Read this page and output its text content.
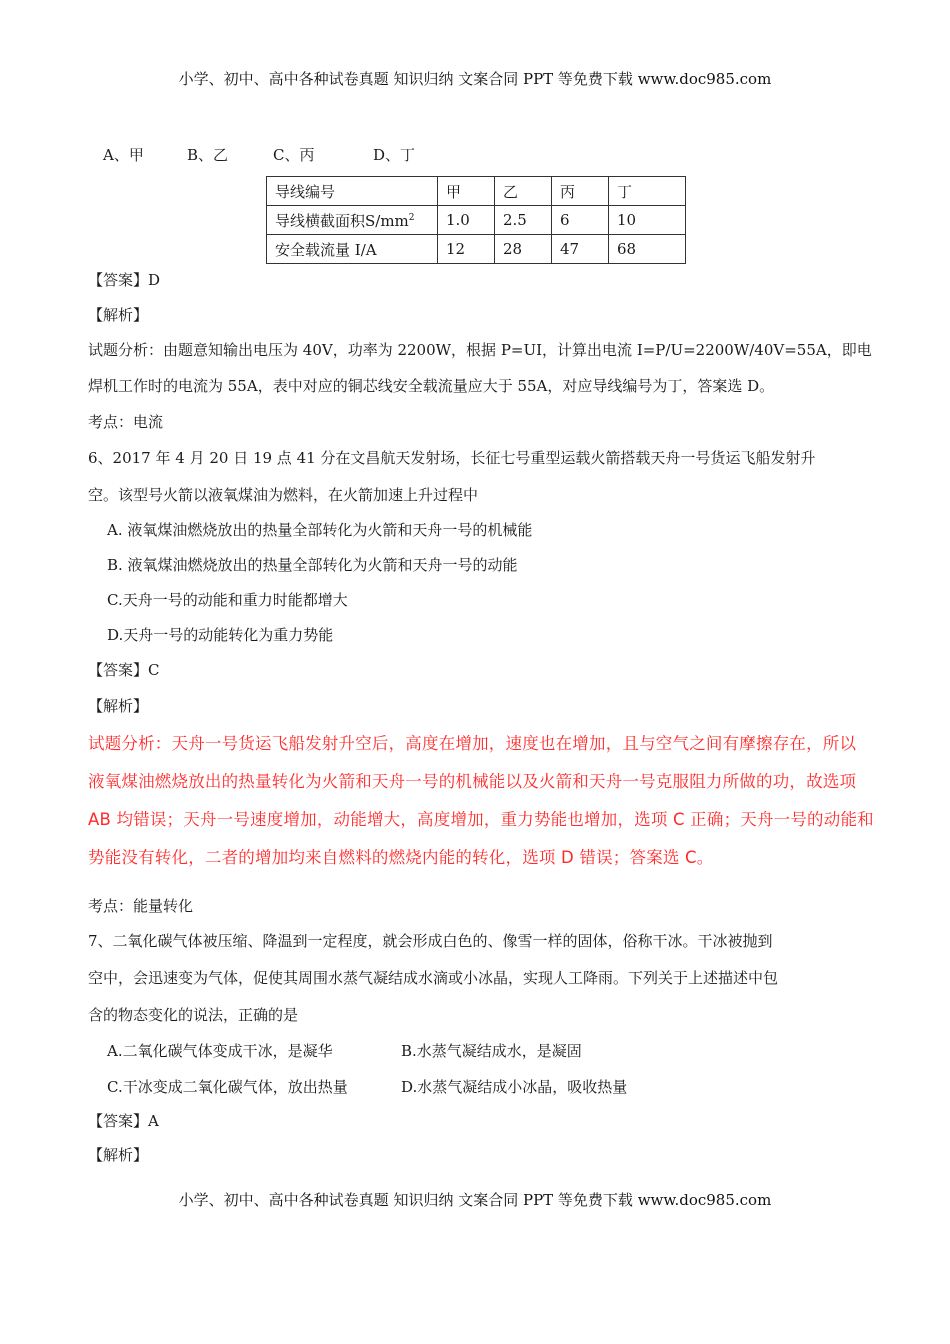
小学、初中、高中各种试卷真题 知识归纳 文案合同 PPT 等免费下载 www.doc985.com
A、甲	B、乙	C、丙	D、丁
导线编号	甲	乙	丙	丁
导线横截面积$S/mm^2$	1.0	2.5	6	10
安全载流量 I/A	12	28	47	68
【答案】D
【解析】
试题分析：由题意知输出电压为 40V，功率为 2200W，根据 P=UI，计算出电流 I=P/U=2200W/40V=55A，即电
焊机工作时的电流为 55A，表中对应的铜芯线安全载流量应大于 55A，对应导线编号为丁，答案选 D。
考点：电流
6、2017 年 4 月 20 日 19 点 41 分在文昌航天发射场，长征七号重型运载火箭搭载天舟一号货运飞船发射升
空。该型号火箭以液氧煤油为燃料，在火箭加速上升过程中
A. 液氧煤油燃烧放出的热量全部转化为火箭和天舟一号的机械能
B. 液氧煤油燃烧放出的热量全部转化为火箭和天舟一号的动能
C.天舟一号的动能和重力时能都增大
D.天舟一号的动能转化为重力势能
【答案】C
【解析】
试题分析：天舟一号货运飞船发射升空后，高度在增加，速度也在增加，且与空气之间有摩擦存在，所以
液氧煤油燃烧放出的热量转化为火箭和天舟一号的机械能以及火箭和天舟一号克服阻力所做的功，故选项
AB 均错误；天舟一号速度增加，动能增大，高度增加，重力势能也增加，选项 C 正确；天舟一号的动能和
势能没有转化，二者的增加均来自燃料的燃烧内能的转化，选项 D 错误；答案选 C。
考点：能量转化
7、二氧化碳气体被压缩、降温到一定程度，就会形成白色的、像雪一样的固体，俗称干冰。干冰被抛到
空中，会迅速变为气体，促使其周围水蒸气凝结成水滴或小冰晶，实现人工降雨。下列关于上述描述中包
含的物态变化的说法，正确的是
A.二氧化碳气体变成干冰，是凝华	B.水蒸气凝结成水，是凝固
C.干冰变成二氧化碳气体，放出热量	D.水蒸气凝结成小冰晶，吸收热量
【答案】A
【解析】
小学、初中、高中各种试卷真题 知识归纳 文案合同 PPT 等免费下载 www.doc985.com
